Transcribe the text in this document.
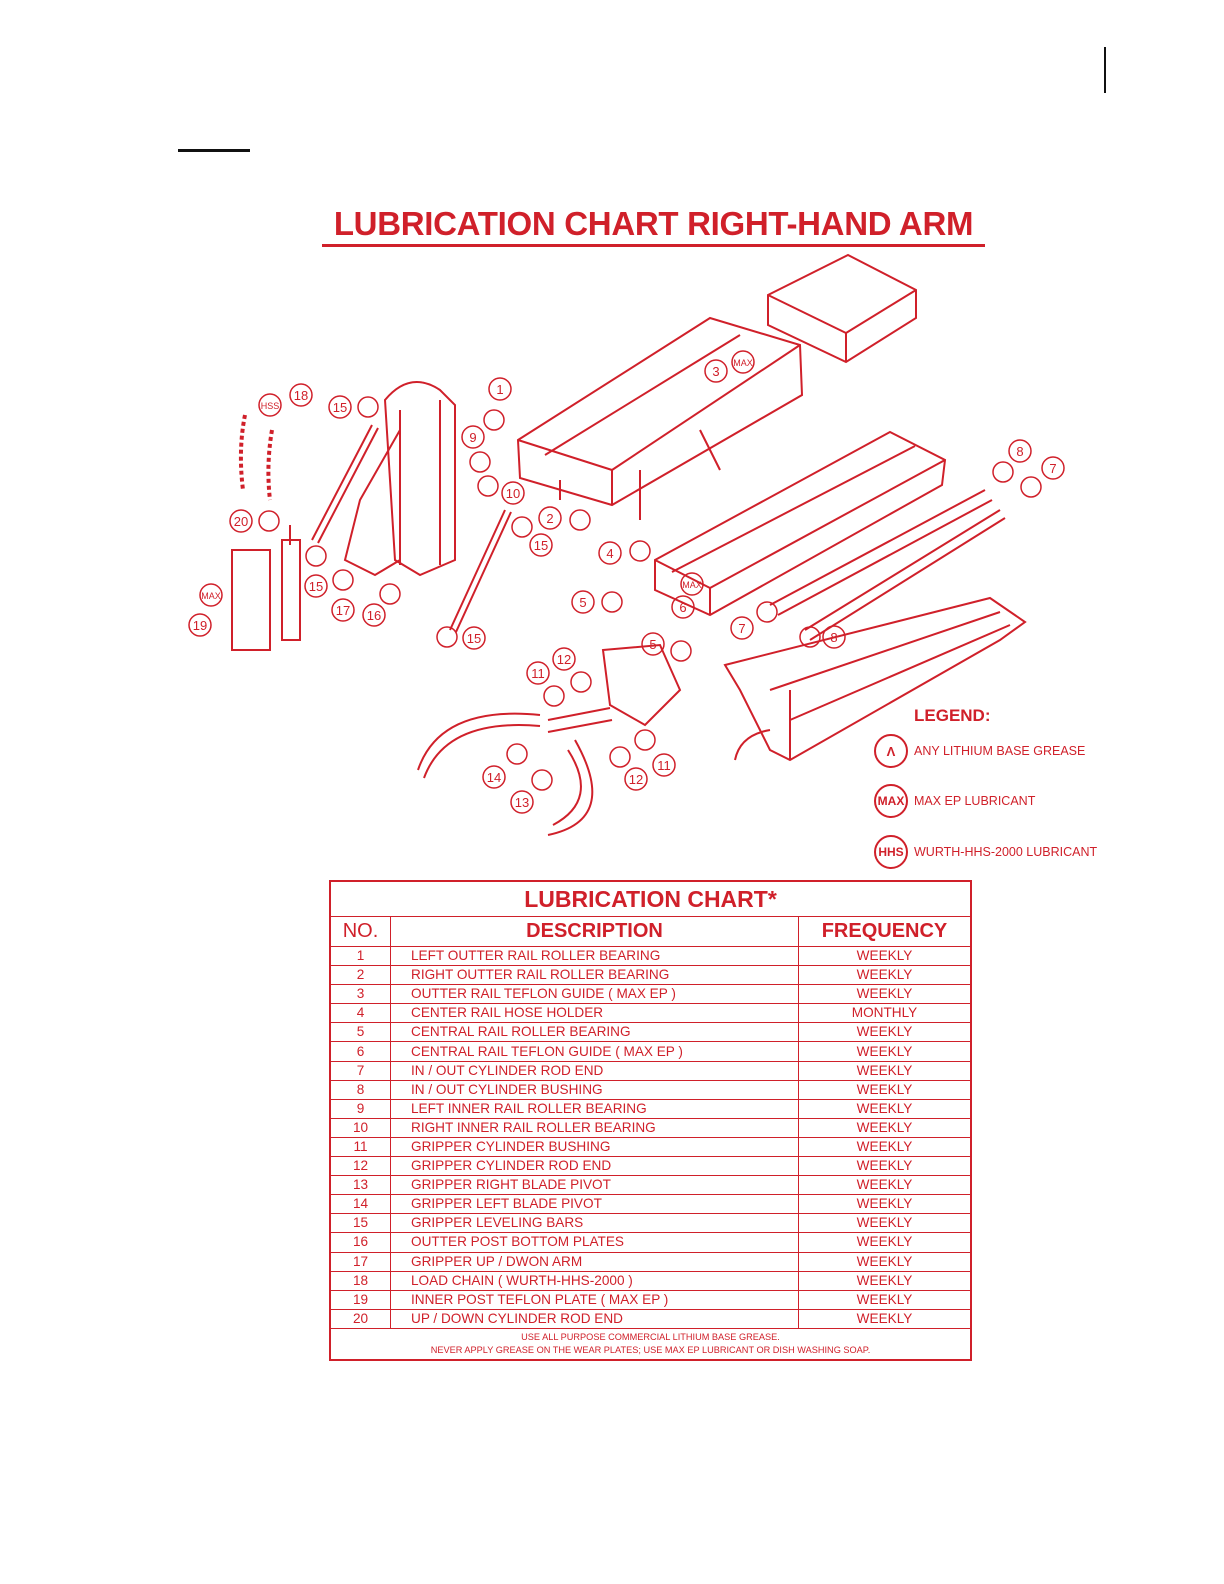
LUBRICATION CHART RIGHT-HAND ARM
1
2
3
4
5
5
6
7
7
8
8
9
10
11
11
12
12
13
14
15
15
15
15
16
17
18
19
20
MAX
MAX
MAX
HSS
LEGEND:
Λ	ANY LITHIUM BASE GREASE
MAX MAX EP LUBRICANT
HHS WURTH-HHS-2000 LUBRICANT
LUBRICATION CHART*		
NO.	DESCRIPTION	FREQUENCY
1	LEFT OUTTER RAIL ROLLER BEARING	WEEKLY
2	RIGHT OUTTER RAIL ROLLER BEARING	WEEKLY
3	OUTTER RAIL TEFLON GUIDE ( MAX EP )	WEEKLY
4	CENTER RAIL HOSE HOLDER	MONTHLY
5	CENTRAL RAIL ROLLER BEARING	WEEKLY
6	CENTRAL RAIL TEFLON GUIDE ( MAX EP )	WEEKLY
7	IN / OUT CYLINDER ROD END	WEEKLY
8	IN / OUT CYLINDER BUSHING	WEEKLY
9	LEFT INNER RAIL ROLLER BEARING	WEEKLY
10	RIGHT INNER RAIL ROLLER BEARING	WEEKLY
11	GRIPPER CYLINDER BUSHING	WEEKLY
12	GRIPPER CYLINDER ROD END	WEEKLY
13	GRIPPER RIGHT BLADE PIVOT	WEEKLY
14	GRIPPER LEFT BLADE PIVOT	WEEKLY
15	GRIPPER LEVELING BARS	WEEKLY
16	OUTTER POST BOTTOM PLATES	WEEKLY
17	GRIPPER UP / DWON ARM	WEEKLY
18	LOAD CHAIN ( WURTH-HHS-2000 )	WEEKLY
19	INNER POST TEFLON PLATE ( MAX EP )	WEEKLY
20	UP / DOWN CYLINDER ROD END	WEEKLY

USE ALL PURPOSE COMMERCIAL LITHIUM BASE GREASE.
NEVER APPLY GREASE ON THE WEAR PLATES; USE MAX EP LUBRICANT OR DISH WASHING SOAP.		
